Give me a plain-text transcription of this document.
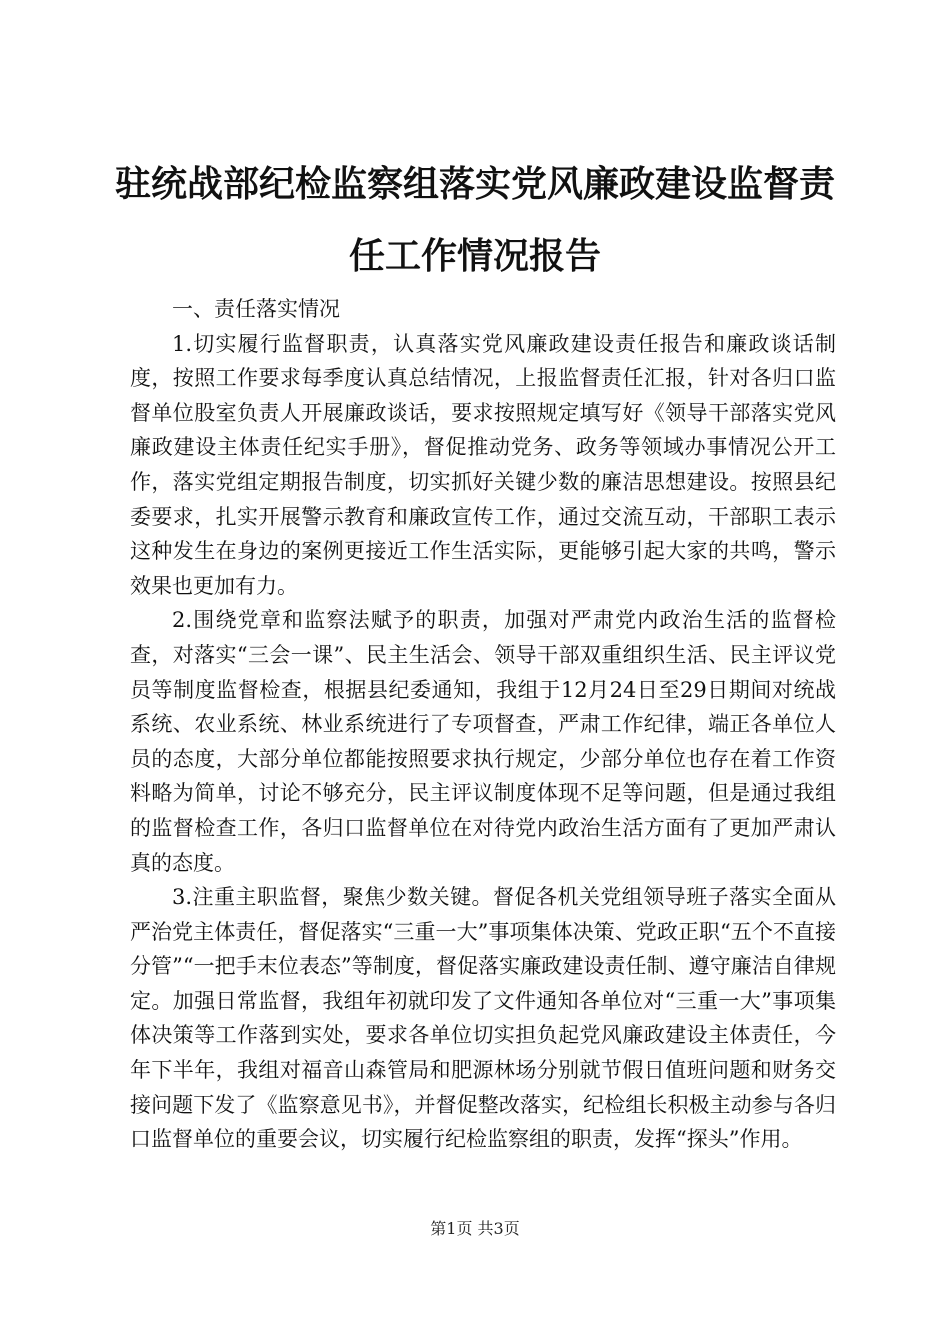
驻统战部纪检监察组落实党风廉政建设监督责
任工作情况报告

一、责任落实情况

1.切实履行监督职责，认真落实党风廉政建设责任报告和廉政谈话制度，按照工作要求每季度认真总结情况，上报监督责任汇报，针对各归口监督单位股室负责人开展廉政谈话，要求按照规定填写好《领导干部落实党风廉政建设主体责任纪实手册》，督促推动党务、政务等领域办事情况公开工作，落实党组定期报告制度，切实抓好关键少数的廉洁思想建设。按照县纪委要求，扎实开展警示教育和廉政宣传工作，通过交流互动，干部职工表示这种发生在身边的案例更接近工作生活实际，更能够引起大家的共鸣，警示效果也更加有力。

2.围绕党章和监察法赋予的职责，加强对严肃党内政治生活的监督检查，对落实“三会一课”、民主生活会、领导干部双重组织生活、民主评议党员等制度监督检查，根据县纪委通知，我组于12月24日至29日期间对统战系统、农业系统、林业系统进行了专项督查，严肃工作纪律，端正各单位人员的态度，大部分单位都能按照要求执行规定，少部分单位也存在着工作资料略为简单，讨论不够充分，民主评议制度体现不足等问题，但是通过我组的监督检查工作，各归口监督单位在对待党内政治生活方面有了更加严肃认真的态度。

3.注重主职监督，聚焦少数关键。督促各机关党组领导班子落实全面从严治党主体责任，督促落实“三重一大”事项集体决策、党政正职“五个不直接分管”“一把手末位表态”等制度，督促落实廉政建设责任制、遵守廉洁自律规定。加强日常监督，我组年初就印发了文件通知各单位对“三重一大”事项集体决策等工作落到实处，要求各单位切实担负起党风廉政建设主体责任，今年下半年，我组对福音山森管局和肥源林场分别就节假日值班问题和财务交接问题下发了《监察意见书》，并督促整改落实，纪检组长积极主动参与各归口监督单位的重要会议，切实履行纪检监察组的职责，发挥“探头”作用。

第1页 共3页
